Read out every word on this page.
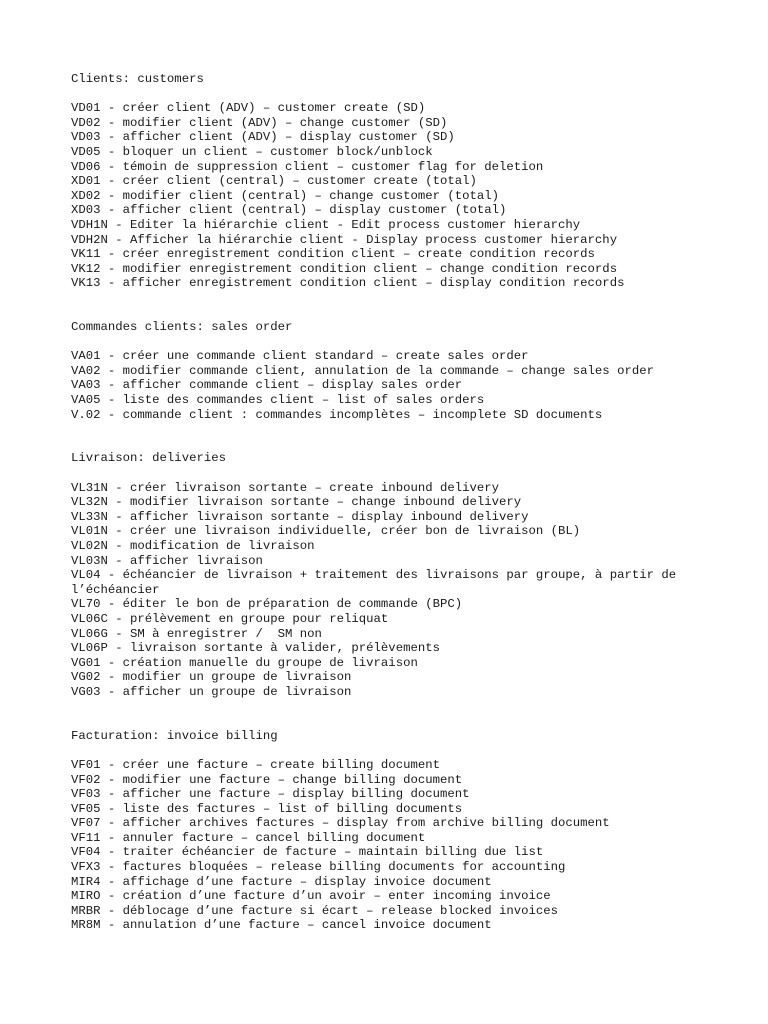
Clients: customers
VD01 - créer client (ADV) – customer create (SD)
VD02 - modifier client (ADV) – change customer (SD)
VD03 - afficher client (ADV) – display customer (SD)
VD05 - bloquer un client – customer block/unblock
VD06 - témoin de suppression client – customer flag for deletion
XD01 - créer client (central) – customer create (total)
XD02 - modifier client (central) – change customer (total)
XD03 - afficher client (central) – display customer (total)
VDH1N - Editer la hiérarchie client - Edit process customer hierarchy
VDH2N - Afficher la hiérarchie client - Display process customer hierarchy
VK11 - créer enregistrement condition client – create condition records
VK12 - modifier enregistrement condition client – change condition records
VK13 - afficher enregistrement condition client – display condition records
Commandes clients: sales order
VA01 - créer une commande client standard – create sales order
VA02 - modifier commande client, annulation de la commande – change sales order
VA03 - afficher commande client – display sales order
VA05 - liste des commandes client – list of sales orders
V.02 - commande client : commandes incomplètes – incomplete SD documents
Livraison: deliveries
VL31N - créer livraison sortante – create inbound delivery
VL32N - modifier livraison sortante – change inbound delivery
VL33N - afficher livraison sortante – display inbound delivery
VL01N - créer une livraison individuelle, créer bon de livraison (BL)
VL02N - modification de livraison
VL03N - afficher livraison
VL04 - échéancier de livraison + traitement des livraisons par groupe, à partir de l’échéancier
VL70 - éditer le bon de préparation de commande (BPC)
VL06C - prélèvement en groupe pour reliquat
VL06G - SM à enregistrer /  SM non
VL06P - livraison sortante à valider, prélèvements
VG01 - création manuelle du groupe de livraison
VG02 - modifier un groupe de livraison
VG03 - afficher un groupe de livraison
Facturation: invoice billing
VF01 - créer une facture – create billing document
VF02 - modifier une facture – change billing document
VF03 - afficher une facture – display billing document
VF05 - liste des factures – list of billing documents
VF07 - afficher archives factures – display from archive billing document
VF11 - annuler facture – cancel billing document
VF04 - traiter échéancier de facture – maintain billing due list
VFX3 - factures bloquées – release billing documents for accounting
MIR4 - affichage d’une facture – display invoice document
MIRO - création d’une facture d’un avoir – enter incoming invoice
MRBR - déblocage d’une facture si écart – release blocked invoices
MR8M - annulation d’une facture – cancel invoice document
